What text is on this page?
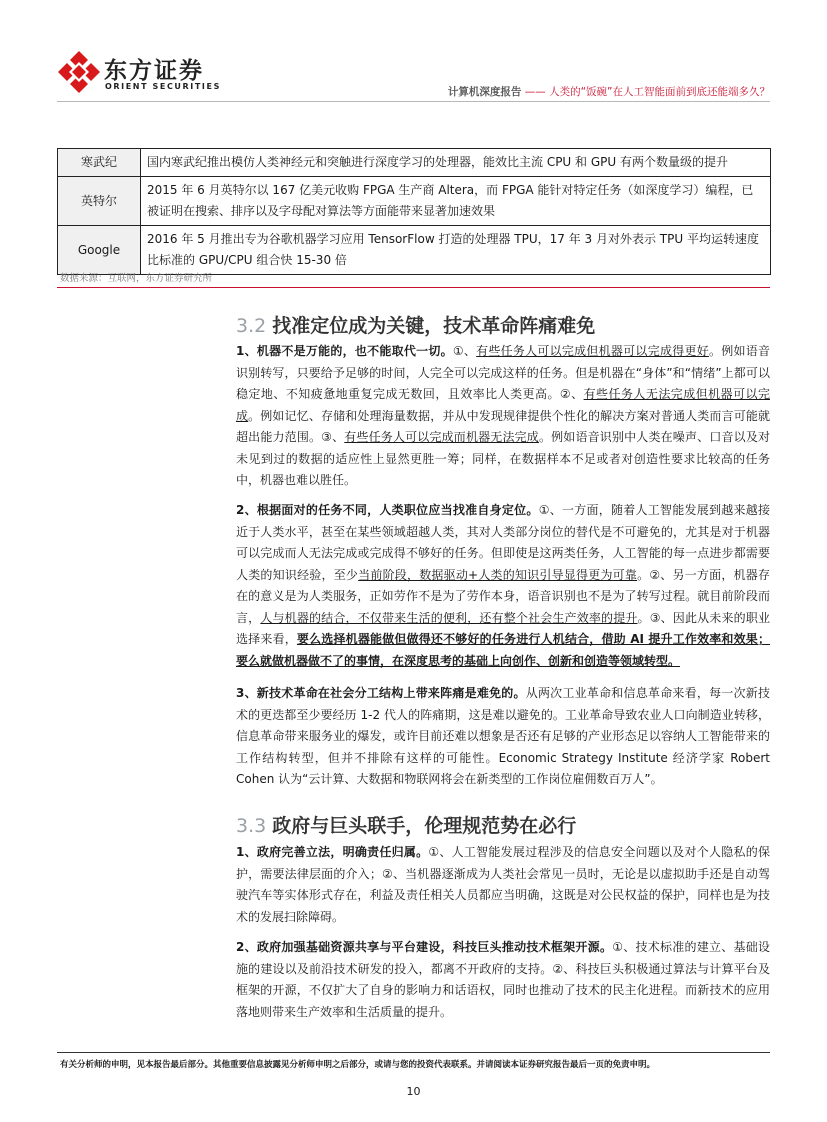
东方证券
ORIENT SECURITIES	计算机深度报告 —— 人类的“饭碗”在人工智能面前到底还能端多久？
寒武纪	国内寒武纪推出模仿人类神经元和突触进行深度学习的处理器，能效比主流 CPU 和 GPU 有两个数量级的提升
英特尔	2015 年 6 月英特尔以 167 亿美元收购 FPGA 生产商 Altera，而 FPGA 能针对特定任务（如深度学习）编程，已被证明在搜索、排序以及字母配对算法等方面能带来显著加速效果
Google	2016 年 5 月推出专为谷歌机器学习应用 TensorFlow 打造的处理器 TPU，17 年 3 月对外表示 TPU 平均运转速度比标准的 GPU/CPU 组合快 15-30 倍
数据来源：互联网，东方证券研究所
3.2 找准定位成为关键，技术革命阵痛难免
1、机器不是万能的，也不能取代一切。①、有些任务人可以完成但机器可以完成得更好。例如语音识别转写，只要给予足够的时间，人完全可以完成这样的任务。但是机器在“身体”和“情绪”上都可以稳定地、不知疲惫地重复完成无数回，且效率比人类更高。②、有些任务人无法完成但机器可以完成。例如记忆、存储和处理海量数据，并从中发现规律提供个性化的解决方案对普通人类而言可能就超出能力范围。③、有些任务人可以完成而机器无法完成。例如语音识别中人类在噪声、口音以及对未见到过的数据的适应性上显然更胜一筹；同样，在数据样本不足或者对创造性要求比较高的任务中，机器也难以胜任。
2、根据面对的任务不同，人类职位应当找准自身定位。①、一方面，随着人工智能发展到越来越接近于人类水平，甚至在某些领域超越人类，其对人类部分岗位的替代是不可避免的，尤其是对于机器可以完成而人无法完成或完成得不够好的任务。但即使是这两类任务，人工智能的每一点进步都需要人类的知识经验，至少当前阶段，数据驱动+人类的知识引导显得更为可靠。②、另一方面，机器存在的意义是为人类服务，正如劳作不是为了劳作本身，语音识别也不是为了转写过程。就目前阶段而言，人与机器的结合，不仅带来生活的便利，还有整个社会生产效率的提升。③、因此从未来的职业选择来看，要么选择机器能做但做得还不够好的任务进行人机结合，借助 AI 提升工作效率和效果；要么就做机器做不了的事情，在深度思考的基础上向创作、创新和创造等领域转型。
3、新技术革命在社会分工结构上带来阵痛是难免的。从两次工业革命和信息革命来看，每一次新技术的更迭都至少要经历 1-2 代人的阵痛期，这是难以避免的。工业革命导致农业人口向制造业转移，信息革命带来服务业的爆发，或许目前还难以想象是否还有足够的产业形态足以容纳人工智能带来的工作结构转型，但并不排除有这样的可能性。Economic Strategy Institute 经济学家 Robert Cohen 认为“云计算、大数据和物联网将会在新类型的工作岗位雇佣数百万人”。
3.3 政府与巨头联手，伦理规范势在必行
1、政府完善立法，明确责任归属。①、人工智能发展过程涉及的信息安全问题以及对个人隐私的保护，需要法律层面的介入；②、当机器逐渐成为人类社会常见一员时，无论是以虚拟助手还是自动驾驶汽车等实体形式存在，利益及责任相关人员都应当明确，这既是对公民权益的保护，同样也是为技术的发展扫除障碍。
2、政府加强基础资源共享与平台建设，科技巨头推动技术框架开源。①、技术标准的建立、基础设施的建设以及前沿技术研发的投入，都离不开政府的支持。②、科技巨头积极通过算法与计算平台及框架的开源，不仅扩大了自身的影响力和话语权，同时也推动了技术的民主化进程。而新技术的应用落地则带来生产效率和生活质量的提升。
有关分析师的申明，见本报告最后部分。其他重要信息披露见分析师申明之后部分，或请与您的投资代表联系。并请阅读本证券研究报告最后一页的免责申明。
10
